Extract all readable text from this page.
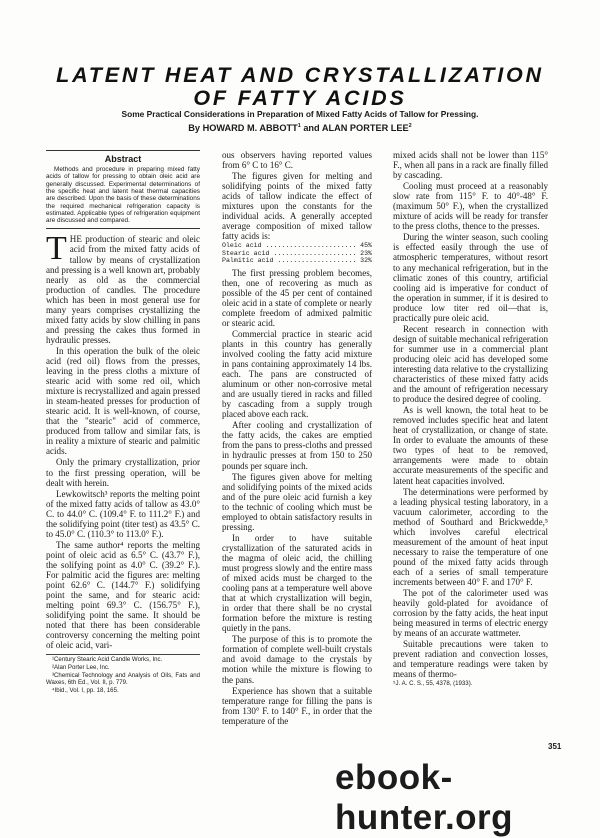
LATENT HEAT AND CRYSTALLIZATION OF FATTY ACIDS
Some Practical Considerations in Preparation of Mixed Fatty Acids of Tallow for Pressing.
By HOWARD M. ABBOTT$^1$ and ALAN PORTER LEE$^2$
Abstract

Methods and procedure in preparing mixed fatty acids of tallow for pressing to obtain oleic acid are generally discussed. Experimental determinations of the specific heat and latent heat thermal capacities are described. Upon the basis of these determinations the required mechanical refrigeration capacity is estimated. Applicable types of refrigeration equipment are discussed and compared.

THE production of stearic and oleic acid from the mixed fatty acids of tallow by means of crystallization and pressing is a well known art, probably nearly as old as the commercial production of candles. The procedure which has been in most general use for many years comprises crystallizing the mixed fatty acids by slow chilling in pans and pressing the cakes thus formed in hydraulic presses.

In this operation the bulk of the oleic acid (red oil) flows from the presses, leaving in the press cloths a mixture of stearic acid with some red oil, which mixture is recrystallized and again pressed in steam-heated presses for production of stearic acid. It is well-known, of course, that the "stearic" acid of commerce, produced from tallow and similar fats, is in reality a mixture of stearic and palmitic acids.

Only the primary crystallization, prior to the first pressing operation, will be dealt with herein.

Lewkowitsch³ reports the melting point of the mixed fatty acids of tallow as 43.0° C. to 44.0° C. (109.4° F. to 111.2° F.) and the solidifying point (titer test) as 43.5° C. to 45.0° C. (110.3° to 113.0° F.).

The same author⁴ reports the melting point of oleic acid as 6.5° C. (43.7° F.), the solifying point as 4.0° C. (39.2° F.). For palmitic acid the figures are: melting point 62.6° C. (144.7° F.) solidifying point the same, and for stearic acid: melting point 69.3° C. (156.75° F.), solidifying point the same. It should be noted that there has been considerable controversy concerning the melting point of oleic acid, vari-

¹Century Stearic Acid Candle Works, Inc.

²Alan Porter Lee, Inc.

³Chemical Technology and Analysis of Oils, Fats and Waxes, 6th Ed., Vol. II, p. 779.

⁴Ibid., Vol. I, pp. 18, 165.

ous observers having reported values from 6° C to 16° C.

The figures given for melting and solidifying points of the mixed fatty acids of tallow indicate the effect of mixtures upon the constants for the individual acids. A generally accepted average composition of mixed tallow fatty acids is:

Oleic acid .....	45%
Stearic acid .....	23%
Palmitic acid .....	32%

The first pressing problem becomes, then, one of recovering as much as possible of the 45 per cent of contained oleic acid in a state of complete or nearly complete freedom of admixed palmitic or stearic acid.

Commercial practice in stearic acid plants in this country has generally involved cooling the fatty acid mixture in pans containing approximately 14 lbs. each. The pans are constructed of aluminum or other non-corrosive metal and are usually tiered in racks and filled by cascading from a supply trough placed above each rack.

After cooling and crystallization of the fatty acids, the cakes are emptied from the pans to press-cloths and pressed in hydraulic presses at from 150 to 250 pounds per square inch.

The figures given above for melting and solidifying points of the mixed acids and of the pure oleic acid furnish a key to the technic of cooling which must be employed to obtain satisfactory results in pressing.

In order to have suitable crystallization of the saturated acids in the magma of oleic acid, the chilling must progress slowly and the entire mass of mixed acids must be charged to the cooling pans at a temperature well above that at which crystallization will begin, in order that there shall be no crystal formation before the mixture is resting quietly in the pans.

The purpose of this is to promote the formation of complete well-built crystals and avoid damage to the crystals by motion while the mixture is flowing to the pans.

Experience has shown that a suitable temperature range for filling the pans is from 130° F. to 140° F., in order that the temperature of the

mixed acids shall not be lower than 115° F., when all pans in a rack are finally filled by cascading.

Cooling must proceed at a reasonably slow rate from 115° F. to 40°-48° F. (maximum 50° F.), when the crystallized mixture of acids will be ready for transfer to the press cloths, thence to the presses.

During the winter season, such cooling is effected easily through the use of atmospheric temperatures, without resort to any mechanical refrigeration, but in the climatic zones of this country, artificial cooling aid is imperative for conduct of the operation in summer, if it is desired to produce low titer red oil—that is, practically pure oleic acid.

Recent research in connection with design of suitable mechanical refrigeration for summer use in a commercial plant producing oleic acid has developed some interesting data relative to the crystallizing characteristics of these mixed fatty acids and the amount of refrigeration necessary to produce the desired degree of cooling.

As is well known, the total heat to be removed includes specific heat and latent heat of crystallization, or change of state. In order to evaluate the amounts of these two types of heat to be removed, arrangements were made to obtain accurate measurements of the specific and latent heat capacities involved.

The determinations were performed by a leading physical testing laboratory, in a vacuum calorimeter, according to the method of Southard and Brickwedde,⁵ which involves careful electrical measurement of the amount of heat input necessary to raise the temperature of one pound of the mixed fatty acids through each of a series of small temperature increments between 40° F. and 170° F.

The pot of the calorimeter used was heavily gold-plated for avoidance of corrosion by the fatty acids, the heat input being measured in terms of electric energy by means of an accurate wattmeter.

Suitable precautions were taken to prevent radiation and convection losses, and temperature readings were taken by means of thermo-

⁵J. A. C. S., 55, 4378, (1933).
351
ebook-hunter.org
